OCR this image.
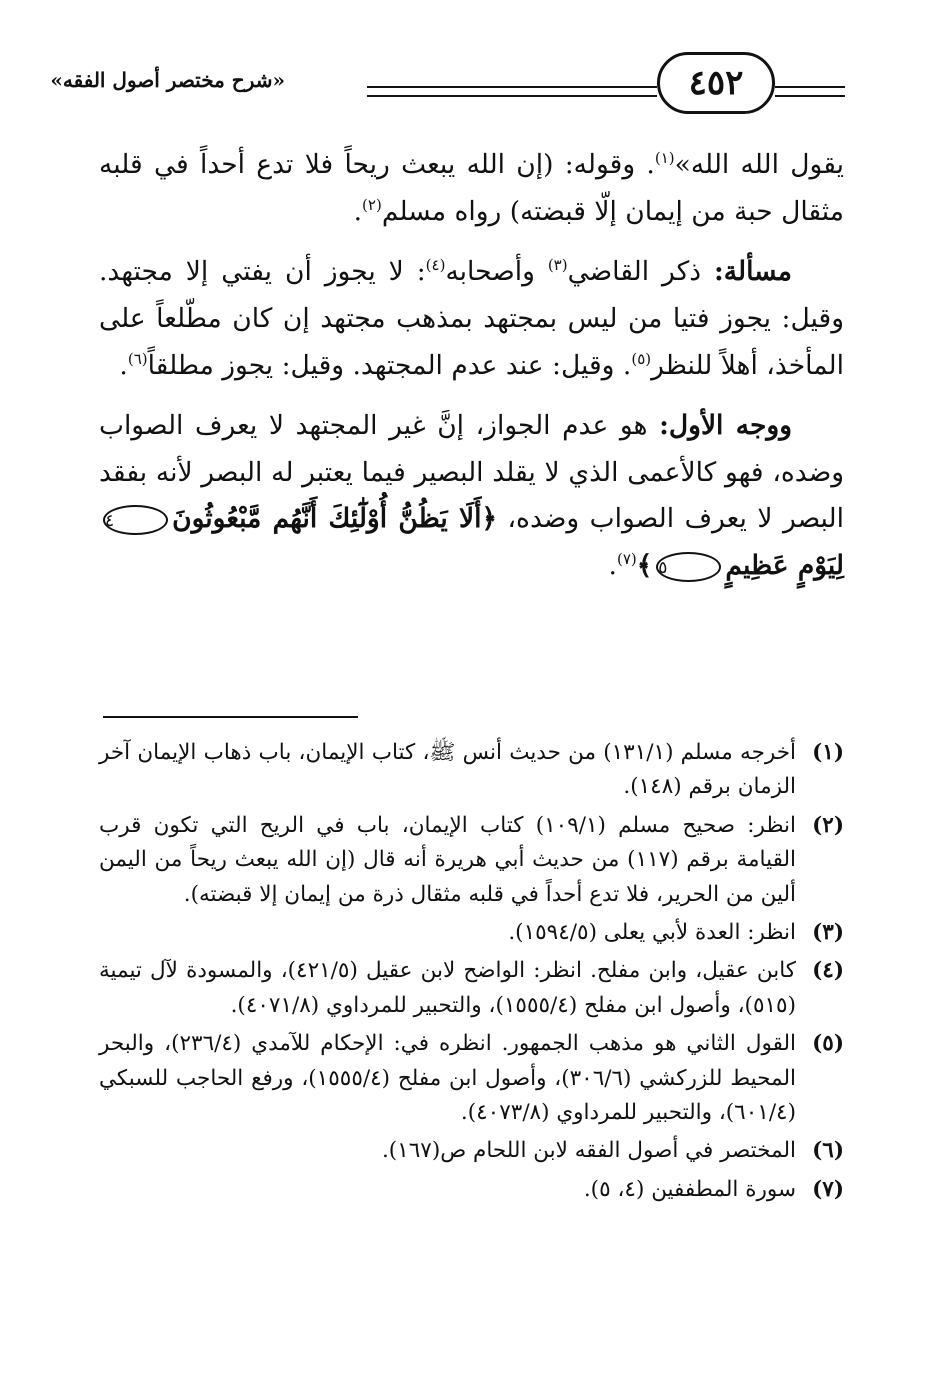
٤٥٢
«شرح مختصر أصول الفقه»

يقول الله الله»$^{(١)}$. وقوله: (إن الله يبعث ريحاً فلا تدع أحداً في قلبه مثقال حبة من إيمان إلّا قبضته) رواه مسلم$^{(٢)}$.

مسألة: ذكر القاضي$^{(٣)}$ وأصحابه$^{(٤)}$: لا يجوز أن يفتي إلا مجتهد. وقيل: يجوز فتيا من ليس بمجتهد بمذهب مجتهد إن كان مطّلعاً على المأخذ، أهلاً للنظر$^{(٥)}$. وقيل: عند عدم المجتهد. وقيل: يجوز مطلقاً$^{(٦)}$.

ووجه الأول: هو عدم الجواز، إنَّ غير المجتهد لا يعرف الصواب وضده، فهو كالأعمى الذي لا يقلد البصير فيما يعتبر له البصر لأنه بفقد البصر لا يعرف الصواب وضده، ﴿أَلَا يَظُنُّ أُوْلَٰٓئِكَ أَنَّهُم مَّبْعُوثُونَ٤لِيَوْمٍ عَظِيمٍ٥﴾$^{(٧)}$.

(١)
أخرجه مسلم (١٣١/١) من حديث أنس ﷺ، كتاب الإيمان، باب ذهاب الإيمان آخر الزمان برقم (١٤٨).
(٢)
انظر: صحيح مسلم (١٠٩/١) كتاب الإيمان، باب في الريح التي تكون قرب القيامة برقم (١١٧) من حديث أبي هريرة أنه قال (إن الله يبعث ريحاً من اليمن ألين من الحرير، فلا تدع أحداً في قلبه مثقال ذرة من إيمان إلا قبضته).
(٣)
انظر: العدة لأبي يعلى (١٥٩٤/٥).
(٤)
كابن عقيل، وابن مفلح. انظر: الواضح لابن عقيل (٤٢١/٥)، والمسودة لآل تيمية (٥١٥)، وأصول ابن مفلح (١٥٥٥/٤)، والتحبير للمرداوي (٤٠٧١/٨).
(٥)
القول الثاني هو مذهب الجمهور. انظره في: الإحكام للآمدي (٢٣٦/٤)، والبحر المحيط للزركشي (٣٠٦/٦)، وأصول ابن مفلح (١٥٥٥/٤)، ورفع الحاجب للسبكي (٦٠١/٤)، والتحبير للمرداوي (٤٠٧٣/٨).
(٦)
المختصر في أصول الفقه لابن اللحام ص(١٦٧).
(٧)
سورة المطففين (٤، ٥).
